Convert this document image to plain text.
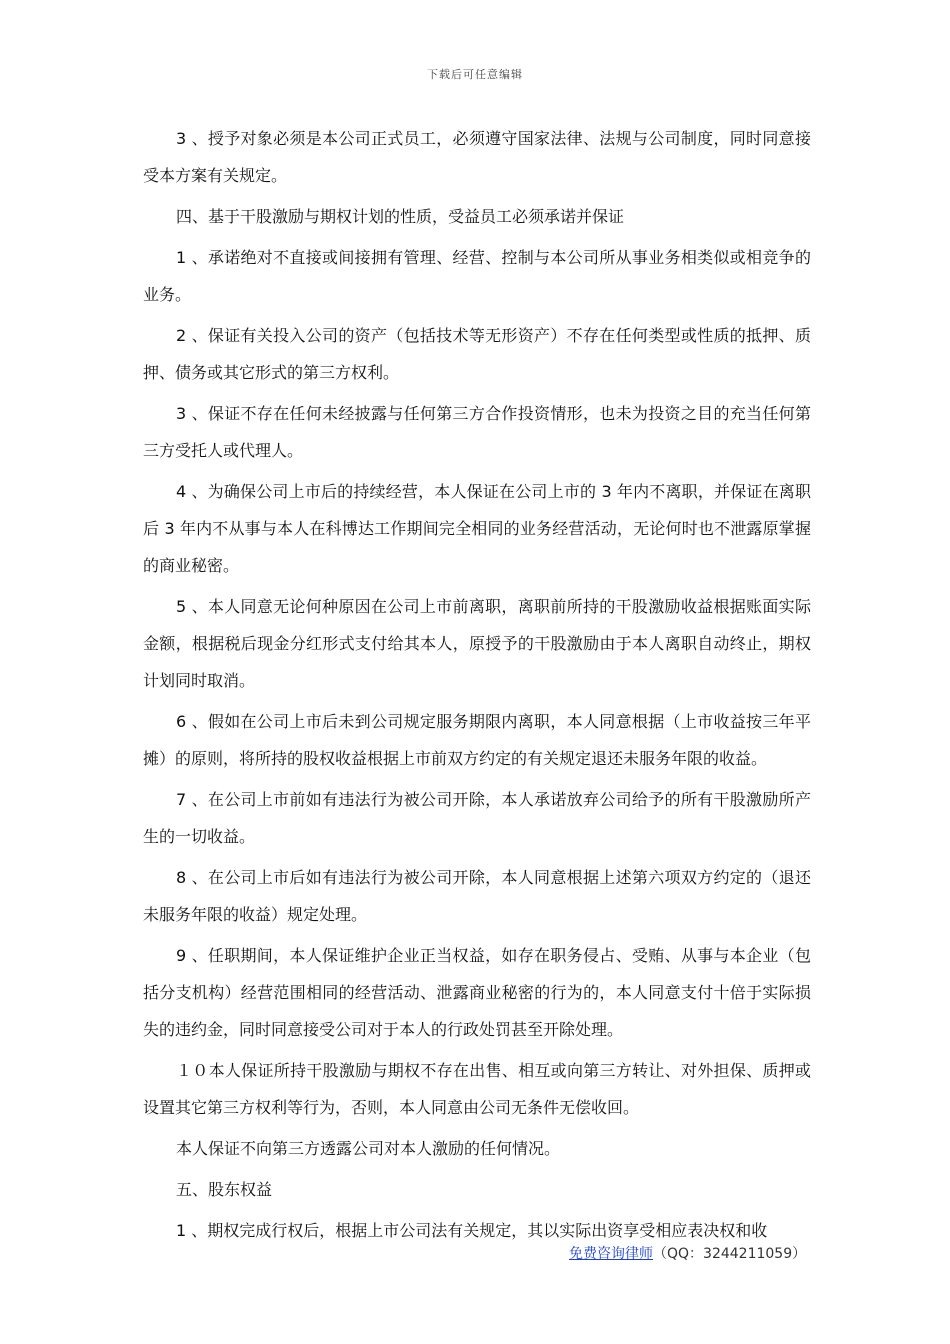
下载后可任意编辑

3 、授予对象必须是本公司正式员工，必须遵守国家法律、法规与公司制度，同时同意接受本方案有关规定。

四、基于干股激励与期权计划的性质，受益员工必须承诺并保证

1 、承诺绝对不直接或间接拥有管理、经营、控制与本公司所从事业务相类似或相竞争的业务。

2 、保证有关投入公司的资产（包括技术等无形资产）不存在任何类型或性质的抵押、质押、债务或其它形式的第三方权利。

3 、保证不存在任何未经披露与任何第三方合作投资情形，也未为投资之目的充当任何第三方受托人或代理人。

4 、为确保公司上市后的持续经营，本人保证在公司上市的 3 年内不离职，并保证在离职后 3 年内不从事与本人在科博达工作期间完全相同的业务经营活动，无论何时也不泄露原掌握的商业秘密。

5 、本人同意无论何种原因在公司上市前离职，离职前所持的干股激励收益根据账面实际金额，根据税后现金分红形式支付给其本人，原授予的干股激励由于本人离职自动终止，期权计划同时取消。

6 、假如在公司上市后未到公司规定服务期限内离职，本人同意根据（上市收益按三年平摊）的原则，将所持的股权收益根据上市前双方约定的有关规定退还未服务年限的收益。

7 、在公司上市前如有违法行为被公司开除，本人承诺放弃公司给予的所有干股激励所产生的一切收益。

8 、在公司上市后如有违法行为被公司开除，本人同意根据上述第六项双方约定的（退还未服务年限的收益）规定处理。

9 、任职期间，本人保证维护企业正当权益，如存在职务侵占、受贿、从事与本企业（包括分支机构）经营范围相同的经营活动、泄露商业秘密的行为的，本人同意支付十倍于实际损失的违约金，同时同意接受公司对于本人的行政处罚甚至开除处理。

１０本人保证所持干股激励与期权不存在出售、相互或向第三方转让、对外担保、质押或设置其它第三方权利等行为，否则，本人同意由公司无条件无偿收回。

本人保证不向第三方透露公司对本人激励的任何情况。

五、股东权益

1 、期权完成行权后，根据上市公司法有关规定，其以实际出资享受相应表决权和收

免费咨询律师（QQ：3244211059）
